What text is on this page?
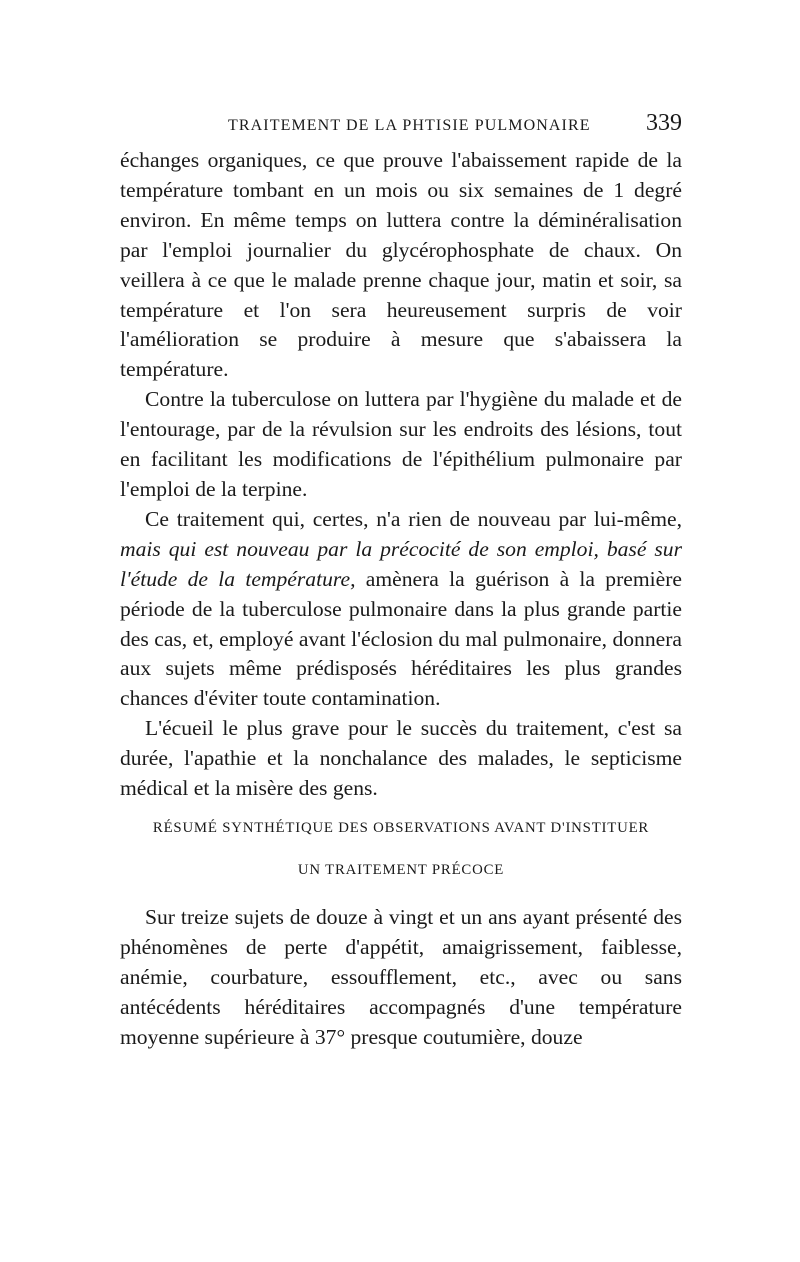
TRAITEMENT DE LA PHTISIE PULMONAIRE 339

échanges organiques, ce que prouve l'abaissement rapide de la température tombant en un mois ou six semaines de 1 degré environ. En même temps on luttera contre la déminéralisation par l'emploi journalier du glycérophosphate de chaux. On veillera à ce que le malade prenne chaque jour, matin et soir, sa température et l'on sera heureusement surpris de voir l'amélioration se produire à mesure que s'abaissera la température.

Contre la tuberculose on luttera par l'hygiène du malade et de l'entourage, par de la révulsion sur les endroits des lésions, tout en facilitant les modifications de l'épithélium pulmonaire par l'emploi de la terpine.

Ce traitement qui, certes, n'a rien de nouveau par lui-même, mais qui est nouveau par la précocité de son emploi, basé sur l'étude de la température, amènera la guérison à la première période de la tuberculose pulmonaire dans la plus grande partie des cas, et, employé avant l'éclosion du mal pulmonaire, donnera aux sujets même prédisposés héréditaires les plus grandes chances d'éviter toute contamination.

L'écueil le plus grave pour le succès du traitement, c'est sa durée, l'apathie et la nonchalance des malades, le septicisme médical et la misère des gens.

RÉSUMÉ SYNTHÉTIQUE DES OBSERVATIONS AVANT D'INSTITUER
UN TRAITEMENT PRÉCOCE

Sur treize sujets de douze à vingt et un ans ayant présenté des phénomènes de perte d'appétit, amaigrissement, faiblesse, anémie, courbature, essoufflement, etc., avec ou sans antécédents héréditaires accompagnés d'une température moyenne supérieure à 37° presque coutumière, douze
